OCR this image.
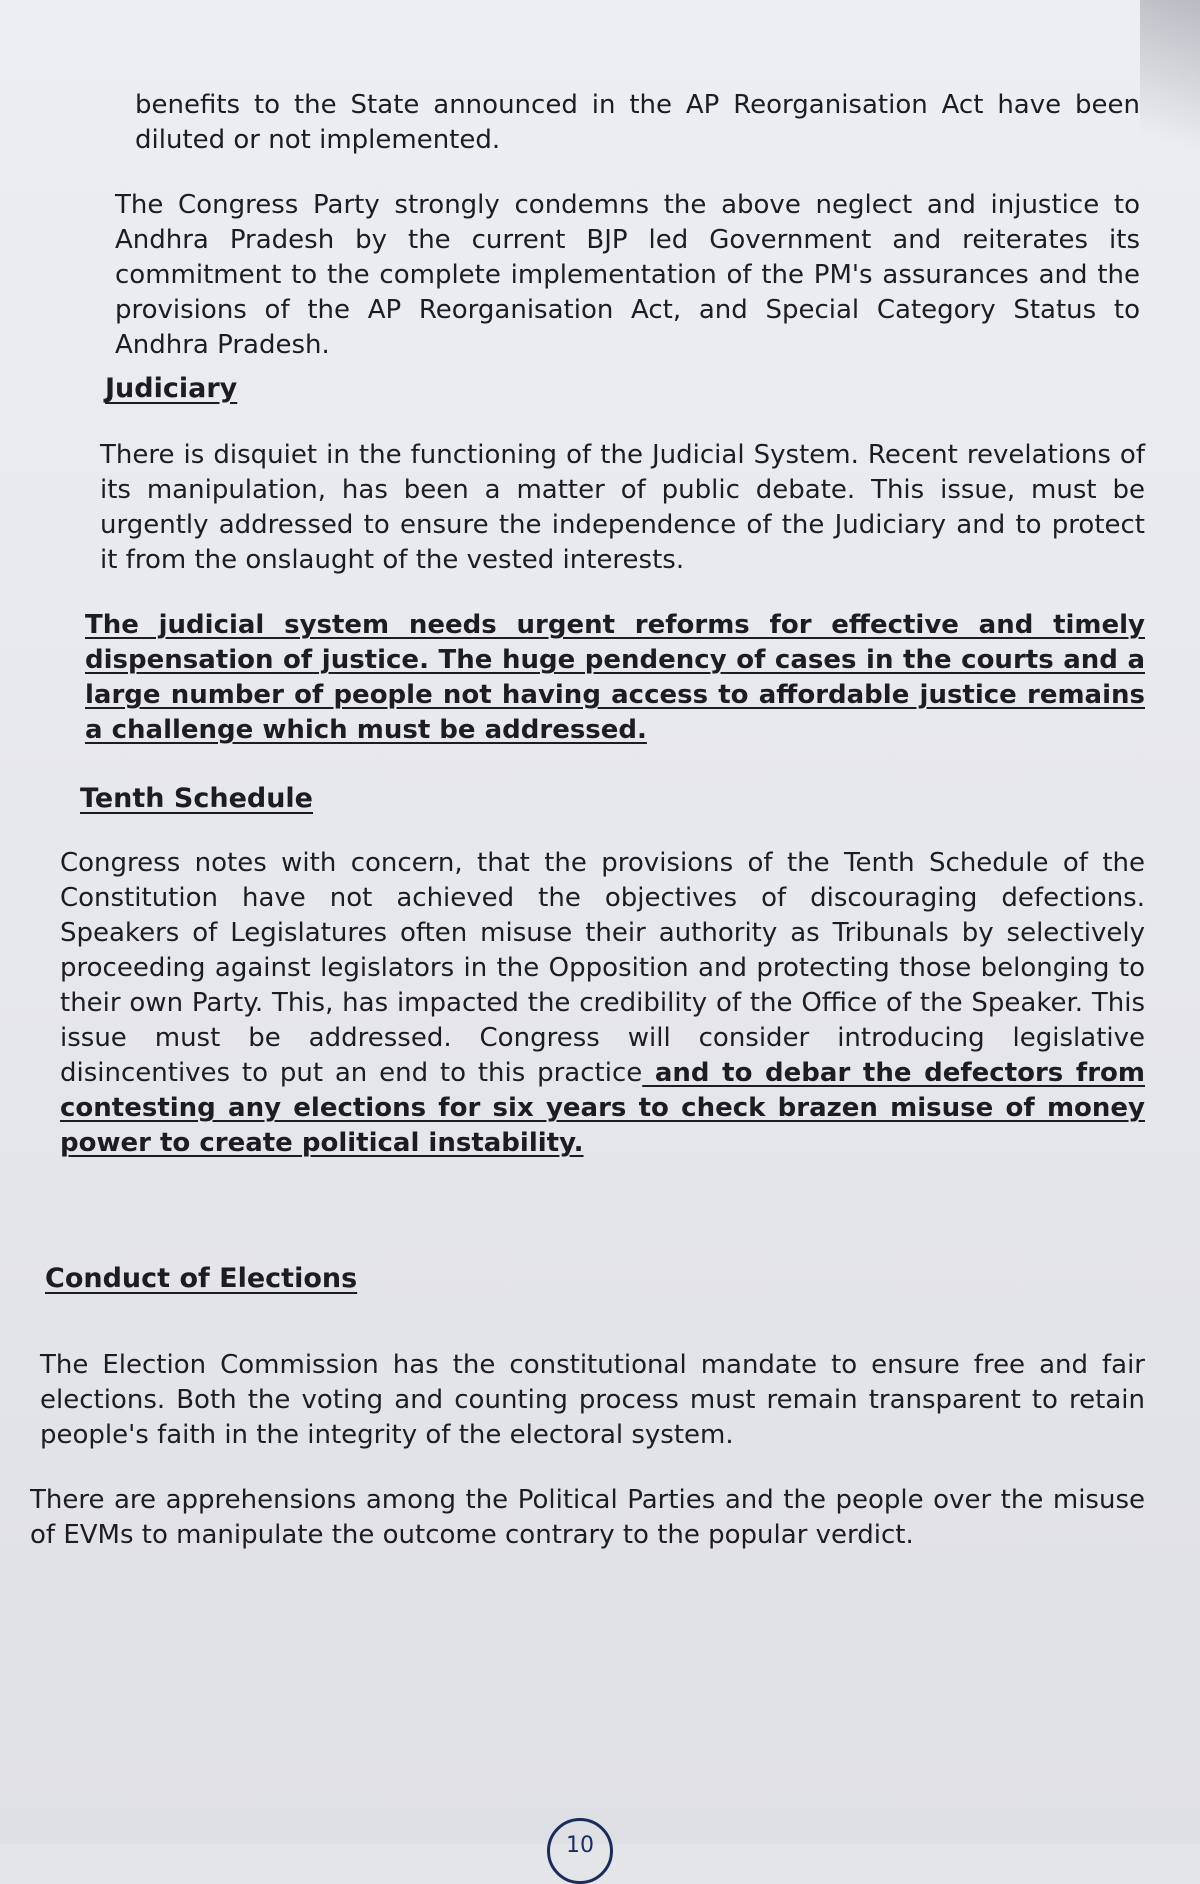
benefits to the State announced in the AP Reorganisation Act have been diluted or not implemented.

The Congress Party strongly condemns the above neglect and injustice to Andhra Pradesh by the current BJP led Government and reiterates its commitment to the complete implementation of the PM's assurances and the provisions of the AP Reorganisation Act, and Special Category Status to Andhra Pradesh.

Judiciary

There is disquiet in the functioning of the Judicial System. Recent revelations of its manipulation, has been a matter of public debate. This issue, must be urgently addressed to ensure the independence of the Judiciary and to protect it from the onslaught of the vested interests.

The judicial system needs urgent reforms for effective and timely dispensation of justice. The huge pendency of cases in the courts and a large number of people not having access to affordable justice remains a challenge which must be addressed.

Tenth Schedule

Congress notes with concern, that the provisions of the Tenth Schedule of the Constitution have not achieved the objectives of discouraging defections. Speakers of Legislatures often misuse their authority as Tribunals by selectively proceeding against legislators in the Opposition and protecting those belonging to their own Party. This, has impacted the credibility of the Office of the Speaker. This issue must be addressed. Congress will consider introducing legislative disincentives to put an end to this practice and to debar the defectors from contesting any elections for six years to check brazen misuse of money power to create political instability.

Conduct of Elections

The Election Commission has the constitutional mandate to ensure free and fair elections. Both the voting and counting process must remain transparent to retain people's faith in the integrity of the electoral system.

There are apprehensions among the Political Parties and the people over the misuse of EVMs to manipulate the outcome contrary to the popular verdict.

10
